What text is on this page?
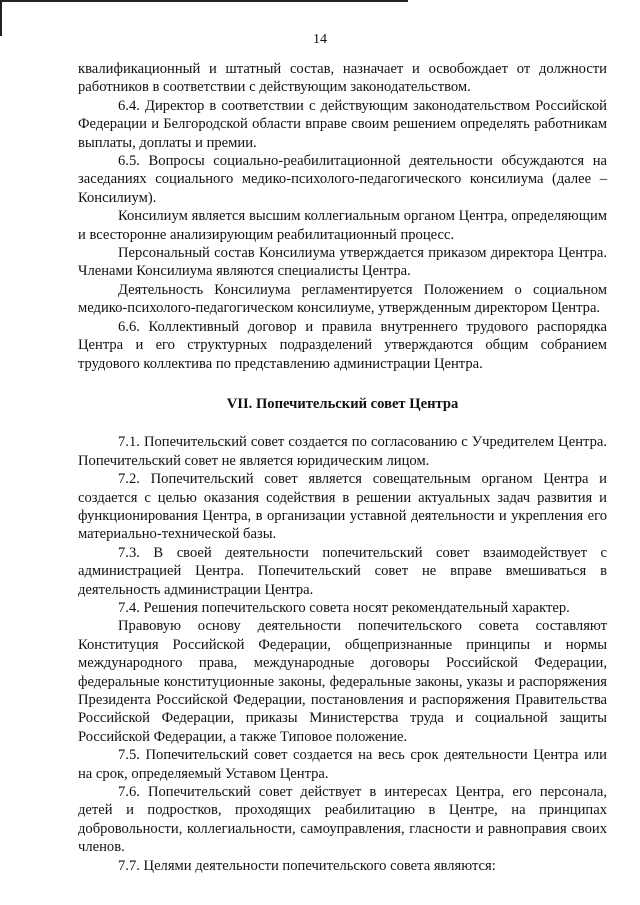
14

квалификационный и штатный состав, назначает и освобождает от должности работников в соответствии с действующим законодательством.

6.4. Директор в соответствии с действующим законодательством Российской Федерации и Белгородской области вправе своим решением определять работникам выплаты, доплаты и премии.

6.5. Вопросы социально-реабилитационной деятельности обсуждаются на заседаниях социального медико-психолого-педагогического консилиума (далее – Консилиум).

Консилиум является высшим коллегиальным органом Центра, определяющим и всесторонне анализирующим реабилитационный процесс.

Персональный состав Консилиума утверждается приказом директора Центра. Членами Консилиума являются специалисты Центра.

Деятельность Консилиума регламентируется Положением о социальном медико-психолого-педагогическом консилиуме, утвержденным директором Центра.

6.6. Коллективный договор и правила внутреннего трудового распорядка Центра и его структурных подразделений утверждаются общим собранием трудового коллектива по представлению администрации Центра.

VII. Попечительский совет Центра

7.1. Попечительский совет создается по согласованию с Учредителем Центра. Попечительский совет не является юридическим лицом.

7.2. Попечительский совет является совещательным органом Центра и создается с целью оказания содействия в решении актуальных задач развития и функционирования Центра, в организации уставной деятельности и укрепления его материально-технической базы.

7.3. В своей деятельности попечительский совет взаимодействует с администрацией Центра. Попечительский совет не вправе вмешиваться в деятельность администрации Центра.

7.4. Решения попечительского совета носят рекомендательный характер.

Правовую основу деятельности попечительского совета составляют Конституция Российской Федерации, общепризнанные принципы и нормы международного права, международные договоры Российской Федерации, федеральные конституционные законы, федеральные законы, указы и распоряжения Президента Российской Федерации, постановления и распоряжения Правительства Российской Федерации, приказы Министерства труда и социальной защиты Российской Федерации, а также Типовое положение.

7.5. Попечительский совет создается на весь срок деятельности Центра или на срок, определяемый Уставом Центра.

7.6. Попечительский совет действует в интересах Центра, его персонала, детей и подростков, проходящих реабилитацию в Центре, на принципах добровольности, коллегиальности, самоуправления, гласности и равноправия своих членов.

7.7. Целями деятельности попечительского совета являются:
